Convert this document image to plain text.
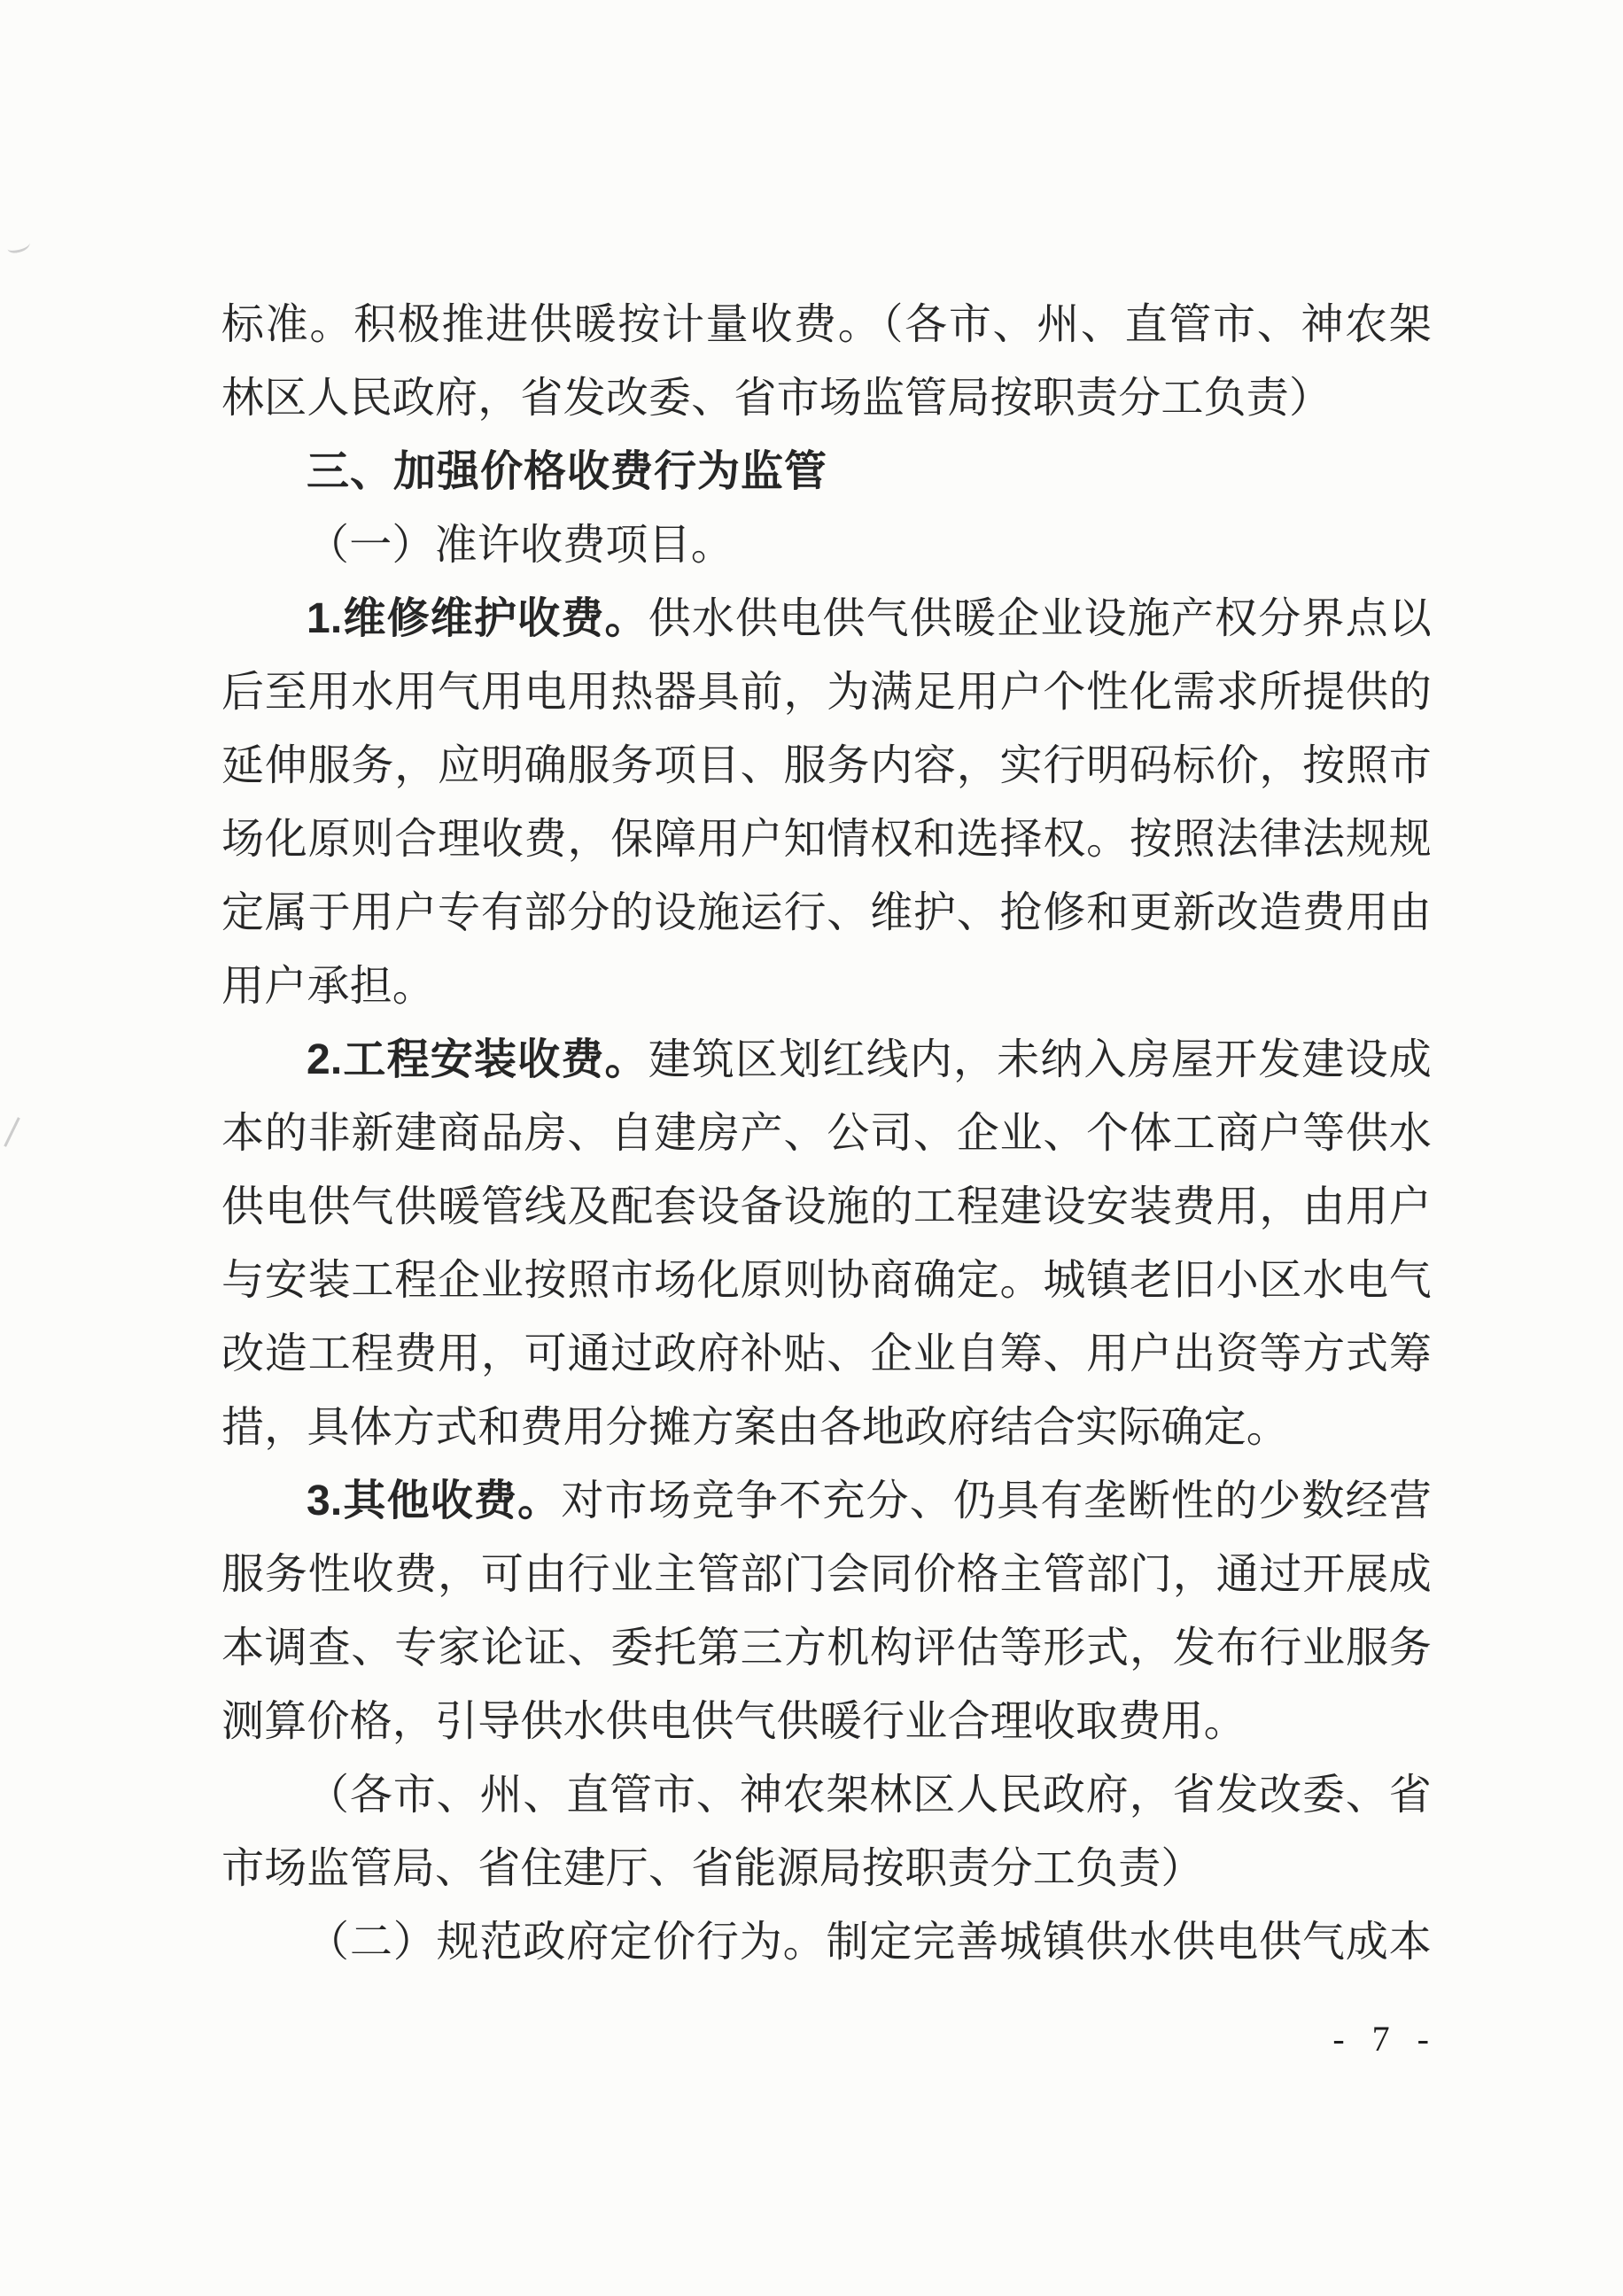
标准。积极推进供暖按计量收费。（各市、州、直管市、神农架
林区人民政府，省发改委、省市场监管局按职责分工负责）
三、加强价格收费行为监管
（一）准许收费项目。
1.维修维护收费。供水供电供气供暖企业设施产权分界点以
后至用水用气用电用热器具前，为满足用户个性化需求所提供的
延伸服务，应明确服务项目、服务内容，实行明码标价，按照市
场化原则合理收费，保障用户知情权和选择权。按照法律法规规
定属于用户专有部分的设施运行、维护、抢修和更新改造费用由
用户承担。
2.工程安装收费。建筑区划红线内，未纳入房屋开发建设成
本的非新建商品房、自建房产、公司、企业、个体工商户等供水
供电供气供暖管线及配套设备设施的工程建设安装费用，由用户
与安装工程企业按照市场化原则协商确定。城镇老旧小区水电气
改造工程费用，可通过政府补贴、企业自筹、用户出资等方式筹
措，具体方式和费用分摊方案由各地政府结合实际确定。
3.其他收费。对市场竞争不充分、仍具有垄断性的少数经营
服务性收费，可由行业主管部门会同价格主管部门，通过开展成
本调查、专家论证、委托第三方机构评估等形式，发布行业服务
测算价格，引导供水供电供气供暖行业合理收取费用。
（各市、州、直管市、神农架林区人民政府，省发改委、省
市场监管局、省住建厅、省能源局按职责分工负责）
（二）规范政府定价行为。制定完善城镇供水供电供气成本
- 7 -
